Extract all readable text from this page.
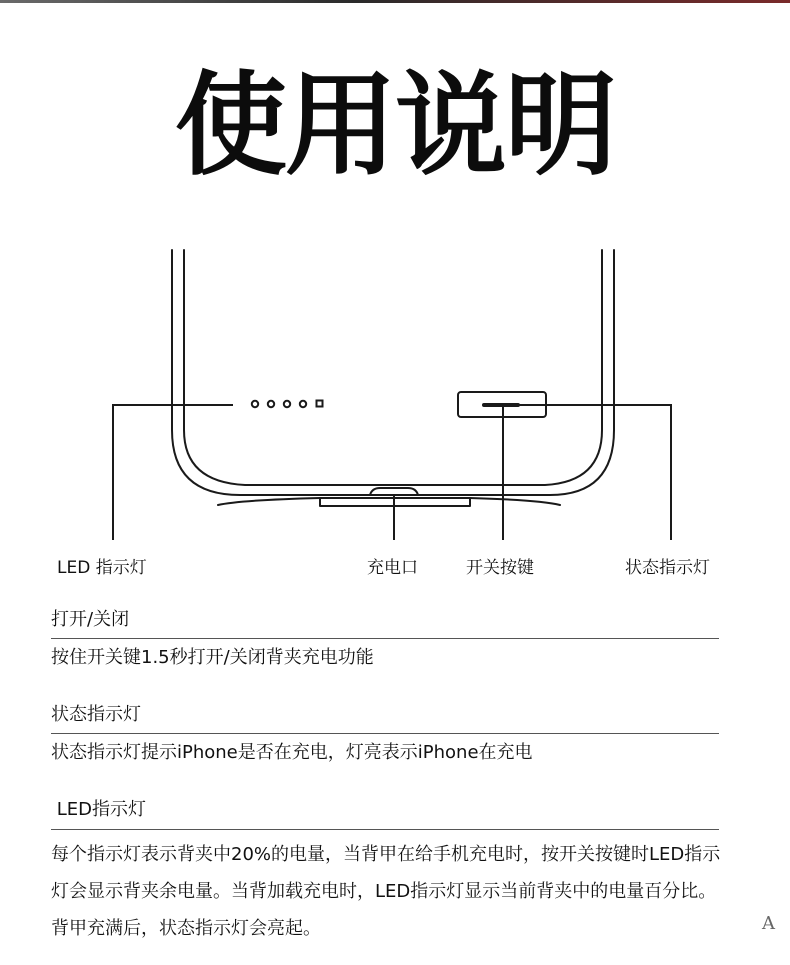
使用说明
LED 指示灯	充电口	开关按键	状态指示灯
打开/关闭
按住开关键1.5秒打开/关闭背夹充电功能
状态指示灯
状态指示灯提示iPhone是否在充电，灯亮表示iPhone在充电
LED指示灯
每个指示灯表示背夹中20%的电量，当背甲在给手机充电时，按开关按键时LED指示灯会显示背夹余电量。当背加载充电时，LED指示灯显示当前背夹中的电量百分比。背甲充满后，状态指示灯会亮起。	A
